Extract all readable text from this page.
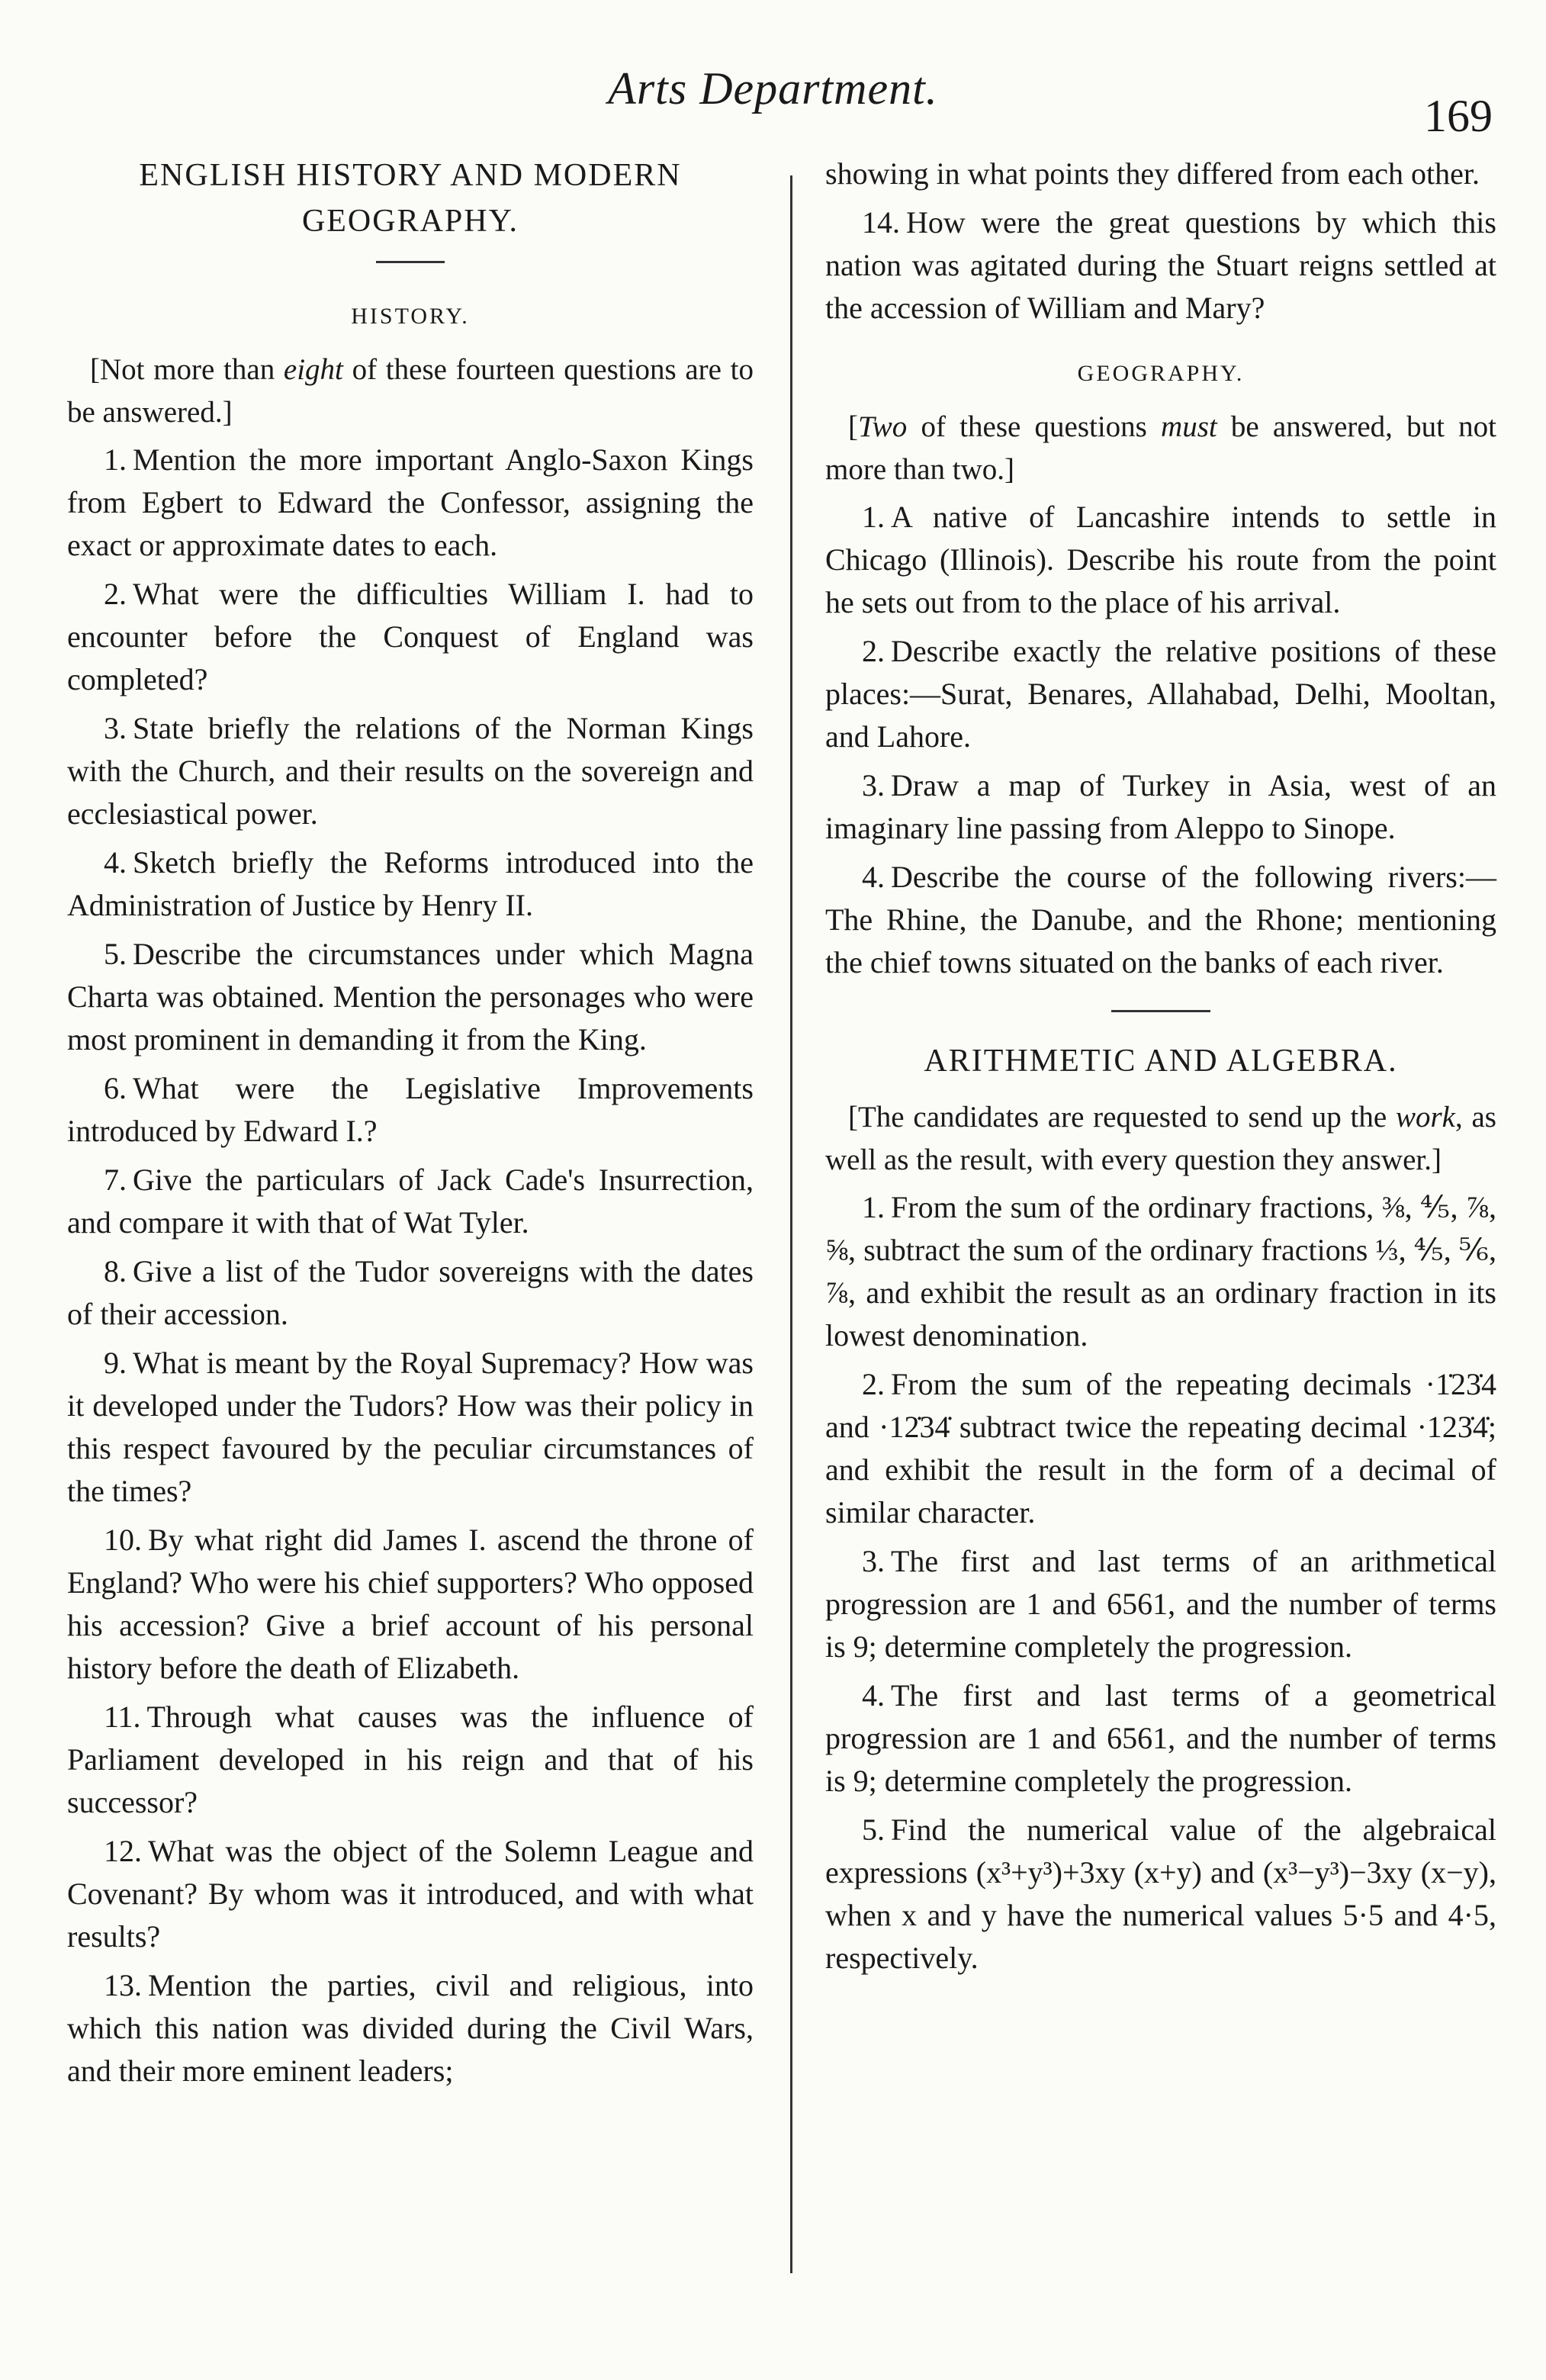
Arts Department.
169
ENGLISH HISTORY AND MODERN GEOGRAPHY.
HISTORY.

[Not more than eight of these fourteen questions are to be answered.]

1. Mention the more important Anglo-Saxon Kings from Egbert to Edward the Confessor, assigning the exact or approximate dates to each.

2. What were the difficulties William I. had to encounter before the Conquest of England was completed?

3. State briefly the relations of the Norman Kings with the Church, and their results on the sovereign and ecclesiastical power.

4. Sketch briefly the Reforms introduced into the Administration of Justice by Henry II.

5. Describe the circumstances under which Magna Charta was obtained. Mention the personages who were most prominent in demanding it from the King.

6. What were the Legislative Improvements introduced by Edward I.?

7. Give the particulars of Jack Cade's Insurrection, and compare it with that of Wat Tyler.

8. Give a list of the Tudor sovereigns with the dates of their accession.

9. What is meant by the Royal Supremacy? How was it developed under the Tudors? How was their policy in this respect favoured by the peculiar circumstances of the times?

10. By what right did James I. ascend the throne of England? Who were his chief supporters? Who opposed his accession? Give a brief account of his personal history before the death of Elizabeth.

11. Through what causes was the influence of Parliament developed in his reign and that of his successor?

12. What was the object of the Solemn League and Covenant? By whom was it introduced, and with what results?

13. Mention the parties, civil and religious, into which this nation was divided during the Civil Wars, and their more eminent leaders;

showing in what points they differed from each other.

14. How were the great questions by which this nation was agitated during the Stuart reigns settled at the accession of William and Mary?

GEOGRAPHY.

[Two of these questions must be answered, but not more than two.]

1. A native of Lancashire intends to settle in Chicago (Illinois). Describe his route from the point he sets out from to the place of his arrival.

2. Describe exactly the relative positions of these places:—Surat, Benares, Allahabad, Delhi, Mooltan, and Lahore.

3. Draw a map of Turkey in Asia, west of an imaginary line passing from Aleppo to Sinope.

4. Describe the course of the following rivers:—The Rhine, the Danube, and the Rhone; mentioning the chief towns situated on the banks of each river.

ARITHMETIC AND ALGEBRA.

[The candidates are requested to send up the work, as well as the result, with every question they answer.]

1. From the sum of the ordinary fractions, ⅜, ⅘, ⅞, ⅝, subtract the sum of the ordinary fractions ⅓, ⅘, ⅚, ⅞, and exhibit the result as an ordinary fraction in its lowest denomination.

2. From the sum of the repeating decimals ·1̇23̇4 and ·12̇34̇ subtract twice the repeating decimal ·123̇4̇; and exhibit the result in the form of a decimal of similar character.

3. The first and last terms of an arithmetical progression are 1 and 6561, and the number of terms is 9; determine completely the progression.

4. The first and last terms of a geometrical progression are 1 and 6561, and the number of terms is 9; determine completely the progression.

5. Find the numerical value of the algebraical expressions (x³+y³)+3xy (x+y) and (x³−y³)−3xy (x−y), when x and y have the numerical values 5·5 and 4·5, respectively.
